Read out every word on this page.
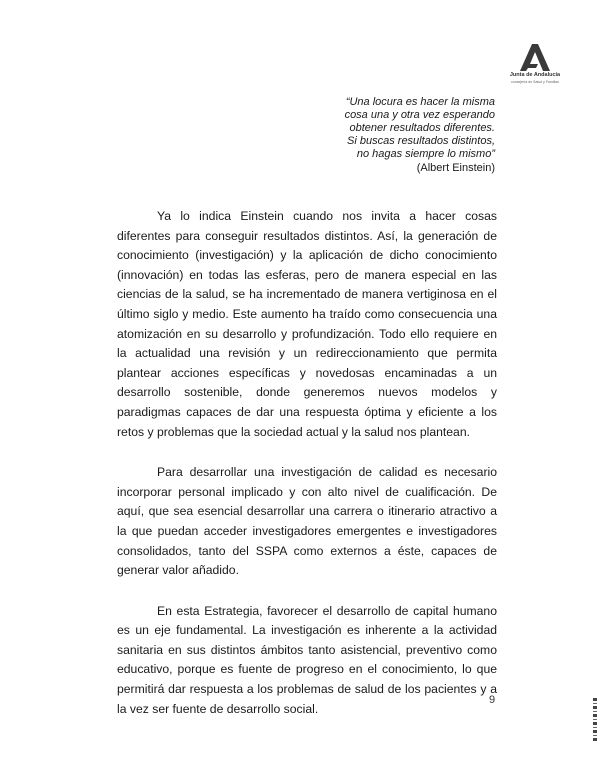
Junta de Andalucía
consejería de Salud y Familias
“Una locura es hacer la misma
cosa una y otra vez esperando
obtener resultados diferentes.
Si buscas resultados distintos,
no hagas siempre lo mismo”
(Albert Einstein)

Ya lo indica Einstein cuando nos invita a hacer cosas diferentes para conseguir resultados distintos. Así, la generación de conocimiento (investigación) y la aplicación de dicho conocimiento (innovación) en todas las esferas, pero de manera especial en las ciencias de la salud, se ha incrementado de manera vertiginosa en el último siglo y medio. Este aumento ha traído como consecuencia una atomización en su desarrollo y profundización. Todo ello requiere en la actualidad una revisión y un redireccionamiento que permita plantear acciones específicas y novedosas encaminadas a un desarrollo sostenible, donde generemos nuevos modelos y paradigmas capaces de dar una respuesta óptima y eficiente a los retos y problemas que la sociedad actual y la salud nos plantean.

Para desarrollar una investigación de calidad es necesario incorporar personal implicado y con alto nivel de cualificación. De aquí, que sea esencial desarrollar una carrera o itinerario atractivo a la que puedan acceder investigadores emergentes e investigadores consolidados, tanto del SSPA como externos a éste, capaces de generar valor añadido.

En esta Estrategia, favorecer el desarrollo de capital humano es un eje fundamental. La investigación es inherente a la actividad sanitaria en sus distintos ámbitos tanto asistencial, preventivo como educativo, porque es fuente de progreso en el conocimiento, lo que permitirá dar respuesta a los problemas de salud de los pacientes y a la vez ser fuente de desarrollo social.

9
